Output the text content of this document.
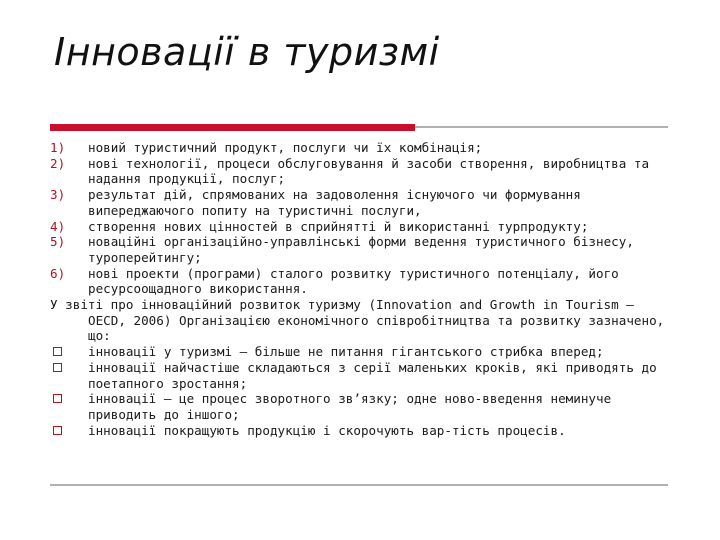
Інновації в туризмі
1)	новий туристичний продукт, послуги чи їх комбінація;
2)	нові технології, процеси обслуговування й засоби створення, виробництва та надання продукції, послуг;
3)	результат дій, спрямованих на задоволення існуючого чи формування випереджаючого попиту на туристичні послуги,
4)	створення нових цінностей в сприйнятті й використанні турпродукту;
5)	новаційні організаційно-управлінські форми ведення туристичного бізнесу, туроперейтингу;
6)	нові проекти (програми) сталого розвитку туристичного потенціалу, його ресурсоощадного використання.
У звіті про інноваційний розвиток туризму (Innovation and Growth in Tourism – OECD, 2006) Організацією економічного співробітництва та розвитку зазначено, що:
інновації у туризмі – більше не питання гігантського стрибка вперед;
інновації найчастіше складаються з серії маленьких кроків, які приводять до поетапного зростання;
інновації – це процес зворотного зв’язку; одне ново-введення неминуче приводить до іншого;
інновації покращують продукцію і скорочують вар-тість процесів.
